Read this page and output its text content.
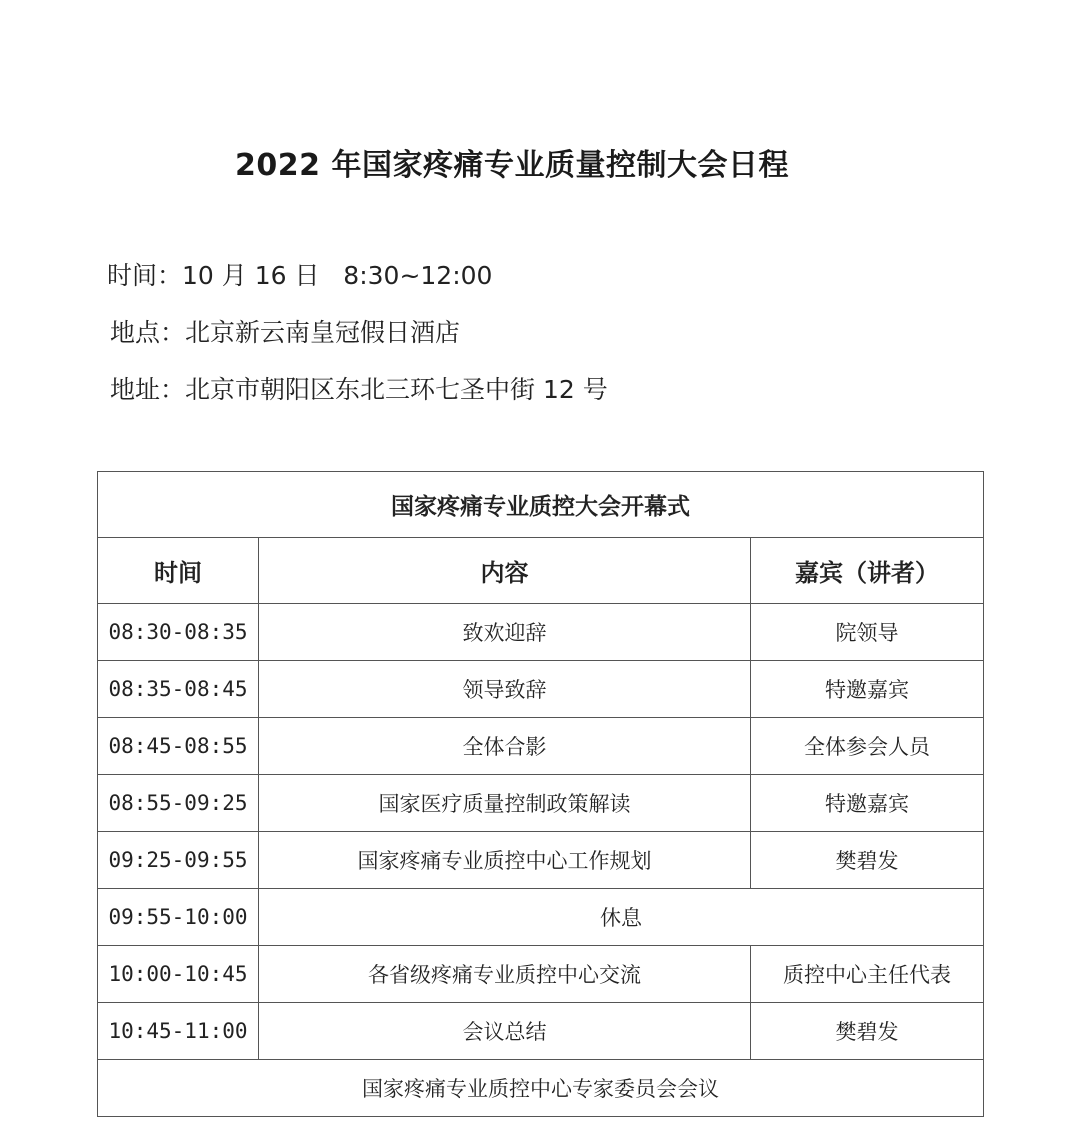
2022 年国家疼痛专业质量控制大会日程
时间：10 月 16 日   8:30~12:00
地点：北京新云南皇冠假日酒店
地址：北京市朝阳区东北三环七圣中街 12 号
国家疼痛专业质控大会开幕式		
时间	内容	嘉宾（讲者）
08:30-08:35	致欢迎辞	院领导
08:35-08:45	领导致辞	特邀嘉宾
08:45-08:55	全体合影	全体参会人员
08:55-09:25	国家医疗质量控制政策解读	特邀嘉宾
09:25-09:55	国家疼痛专业质控中心工作规划	樊碧发
09:55-10:00	休息	
10:00-10:45	各省级疼痛专业质控中心交流	质控中心主任代表
10:45-11:00	会议总结	樊碧发
国家疼痛专业质控中心专家委员会会议		
